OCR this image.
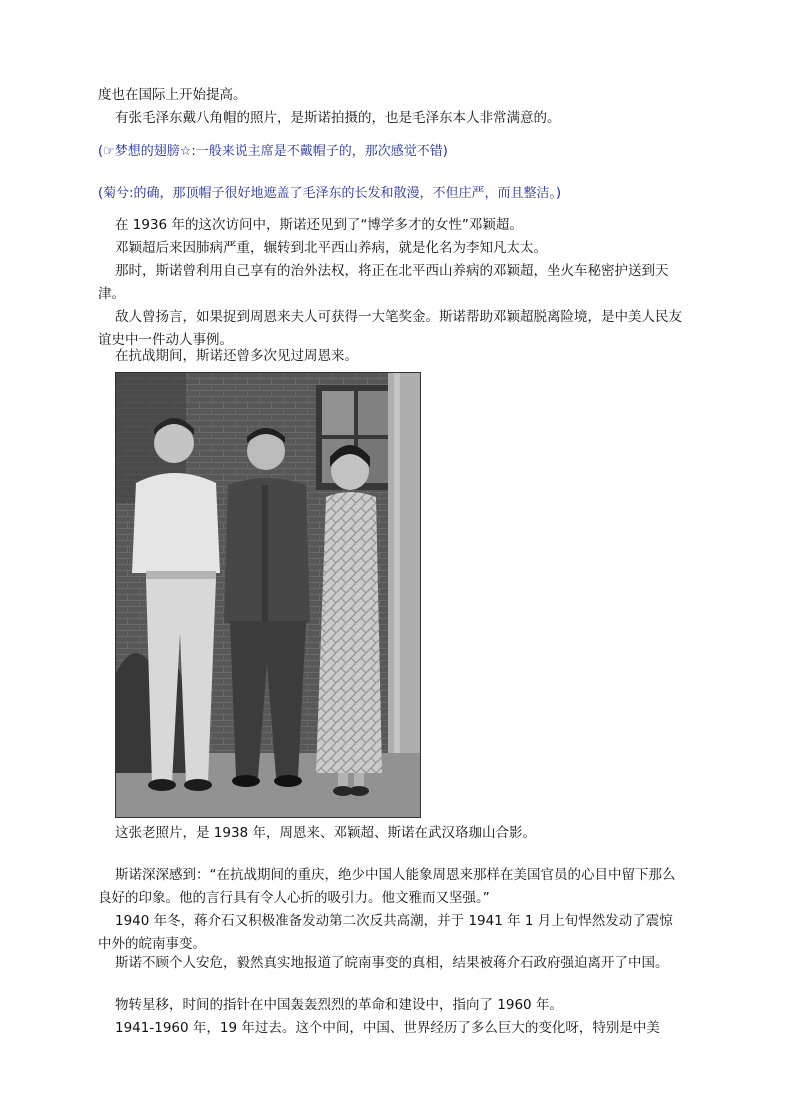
度也在国际上开始提高。

有张毛泽东戴八角帽的照片，是斯诺拍摄的，也是毛泽东本人非常满意的。

(☞梦想的翅膀☆:一般来说主席是不戴帽子的，那次感觉不错)

(菊兮:的确，那顶帽子很好地遮盖了毛泽东的长发和散漫，不但庄严，而且整洁。)

在 1936 年的这次访问中，斯诺还见到了“博学多才的女性”邓颖超。

邓颖超后来因肺病严重，辗转到北平西山养病，就是化名为李知凡太太。

那时，斯诺曾利用自己享有的治外法权，将正在北平西山养病的邓颖超，坐火车秘密护送到天津。

敌人曾扬言，如果捉到周恩来夫人可获得一大笔奖金。斯诺帮助邓颖超脱离险境，是中美人民友谊史中一件动人事例。

在抗战期间，斯诺还曾多次见过周恩来。

这张老照片，是 1938 年，周恩来、邓颖超、斯诺在武汉珞珈山合影。

斯诺深深感到：“在抗战期间的重庆，绝少中国人能象周恩来那样在美国官员的心目中留下那么良好的印象。他的言行具有令人心折的吸引力。他文雅而又坚强。”

1940 年冬，蒋介石又积极准备发动第二次反共高潮，并于 1941 年 1 月上旬悍然发动了震惊中外的皖南事变。

斯诺不顾个人安危，毅然真实地报道了皖南事变的真相，结果被蒋介石政府强迫离开了中国。

物转星移，时间的指针在中国轰轰烈烈的革命和建设中，指向了 1960 年。

1941-1960 年，19 年过去。这个中间，中国、世界经历了多么巨大的变化呀，特别是中美
